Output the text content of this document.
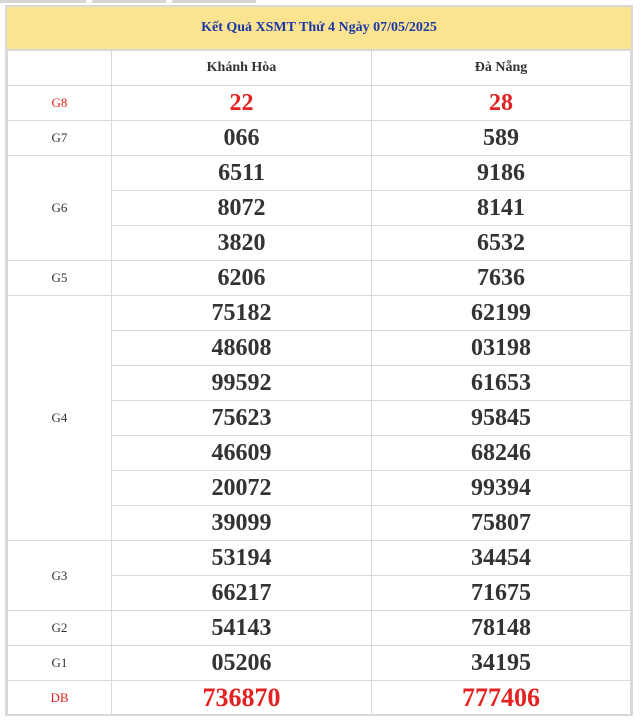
Kết Quả XSMT Thứ 4 Ngày 07/05/2025
	Khánh Hòa	Đà Nẵng
G8	22	28
G7	066	589
G6	6511	9186
	8072	8141
	3820	6532
G5	6206	7636
G4	75182	62199
	48608	03198
	99592	61653
	75623	95845
	46609	68246
	20072	99394
	39099	75807
G3	53194	34454
	66217	71675
G2	54143	78148
G1	05206	34195
DB	736870	777406
